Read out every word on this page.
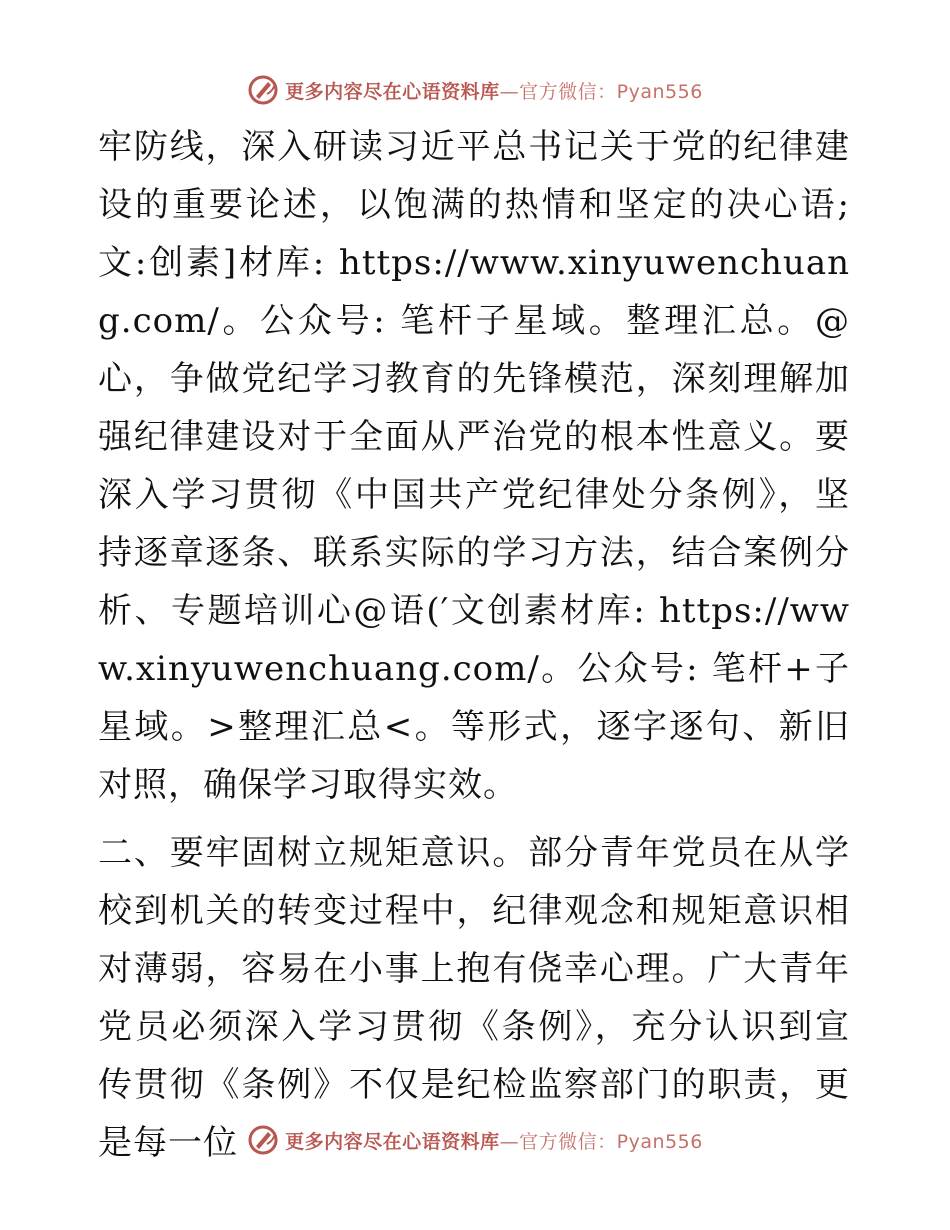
更多内容尽在心语资料库—官方微信：Pyan556

牢防线，深入研读习近平总书记关于党的纪律建设的重要论述，以饱满的热情和坚定的决心语;文:创素]材库: https://www.xinyuwenchuang.com/。公众号: 笔杆子星域。整理汇总。@心，争做党纪学习教育的先锋模范，深刻理解加强纪律建设对于全面从严治党的根本性意义。要深入学习贯彻《中国共产党纪律处分条例》，坚持逐章逐条、联系实际的学习方法，结合案例分析、专题培训心@语(′文创素材库: https://www.xinyuwenchuang.com/。公众号: 笔杆+子星域。>整理汇总<。等形式，逐字逐句、新旧对照，确保学习取得实效。

二、要牢固树立规矩意识。部分青年党员在从学校到机关的转变过程中，纪律观念和规矩意识相对薄弱，容易在小事上抱有侥幸心理。广大青年党员必须深入学习贯彻《条例》，充分认识到宣传贯彻《条例》不仅是纪检监察部门的职责，更是每一位	更多内容尽在心语资料库—官方微信：Pyan556
